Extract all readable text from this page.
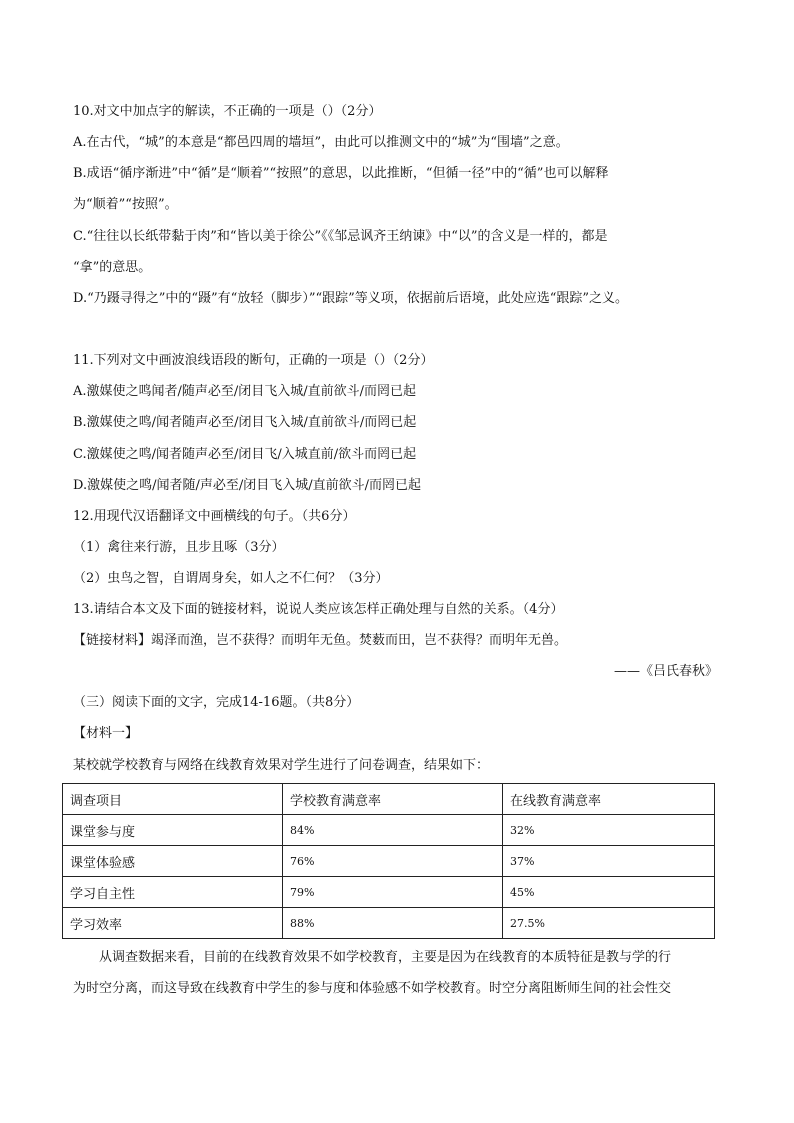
10.对文中加点字的解读，不正确的一项是（）（2分）
A.在古代，“城”的本意是“都邑四周的墙垣”，由此可以推测文中的“城”为“围墙”之意。
B.成语“循序渐进”中“循”是“顺着”“按照”的意思，以此推断，“但循一径”中的“循”也可以解释
为“顺着”“按照”。
C.“往往以长纸带黏于肉”和“皆以美于徐公”《《邹忌讽齐王纳谏》中“以”的含义是一样的，都是
“拿”的意思。
D.“乃蹑寻得之”中的“蹑”有“放轻（脚步）”“跟踪”等义项，依据前后语境，此处应选“跟踪”之义。
11.下列对文中画波浪线语段的断句，正确的一项是（）（2分）
A.激媒使之鸣闻者/随声必至/闭目飞入城/直前欲斗/而罔已起
B.激媒使之鸣/闻者随声必至/闭目飞入城/直前欲斗/而罔已起
C.激媒使之鸣/闻者随声必至/闭目飞/入城直前/欲斗而罔已起
D.激媒使之鸣/闻者随/声必至/闭目飞入城/直前欲斗/而罔已起
12.用现代汉语翻译文中画横线的句子。（共6分）
（1）禽往来行游，且步且啄（3分）
（2）虫鸟之智，自谓周身矣，如人之不仁何？（3分）
13.请结合本文及下面的链接材料，说说人类应该怎样正确处理与自然的关系。（4分）
【链接材料】竭泽而渔，岂不获得？而明年无鱼。焚薮而田，岂不获得？而明年无兽。
——《吕氏春秋》
（三）阅读下面的文字，完成14-16题。（共8分）
【材料一】
某校就学校教育与网络在线教育效果对学生进行了问卷调查，结果如下：
调查项目	学校教育满意率	在线教育满意率
课堂参与度	84%	32%
课堂体验感	76%	37%
学习自主性	79%	45%
学习效率	88%	27.5%
从调查数据来看，目前的在线教育效果不如学校教育，主要是因为在线教育的本质特征是教与学的行
为时空分离，而这导致在线教育中学生的参与度和体验感不如学校教育。时空分离阻断师生间的社会性交
